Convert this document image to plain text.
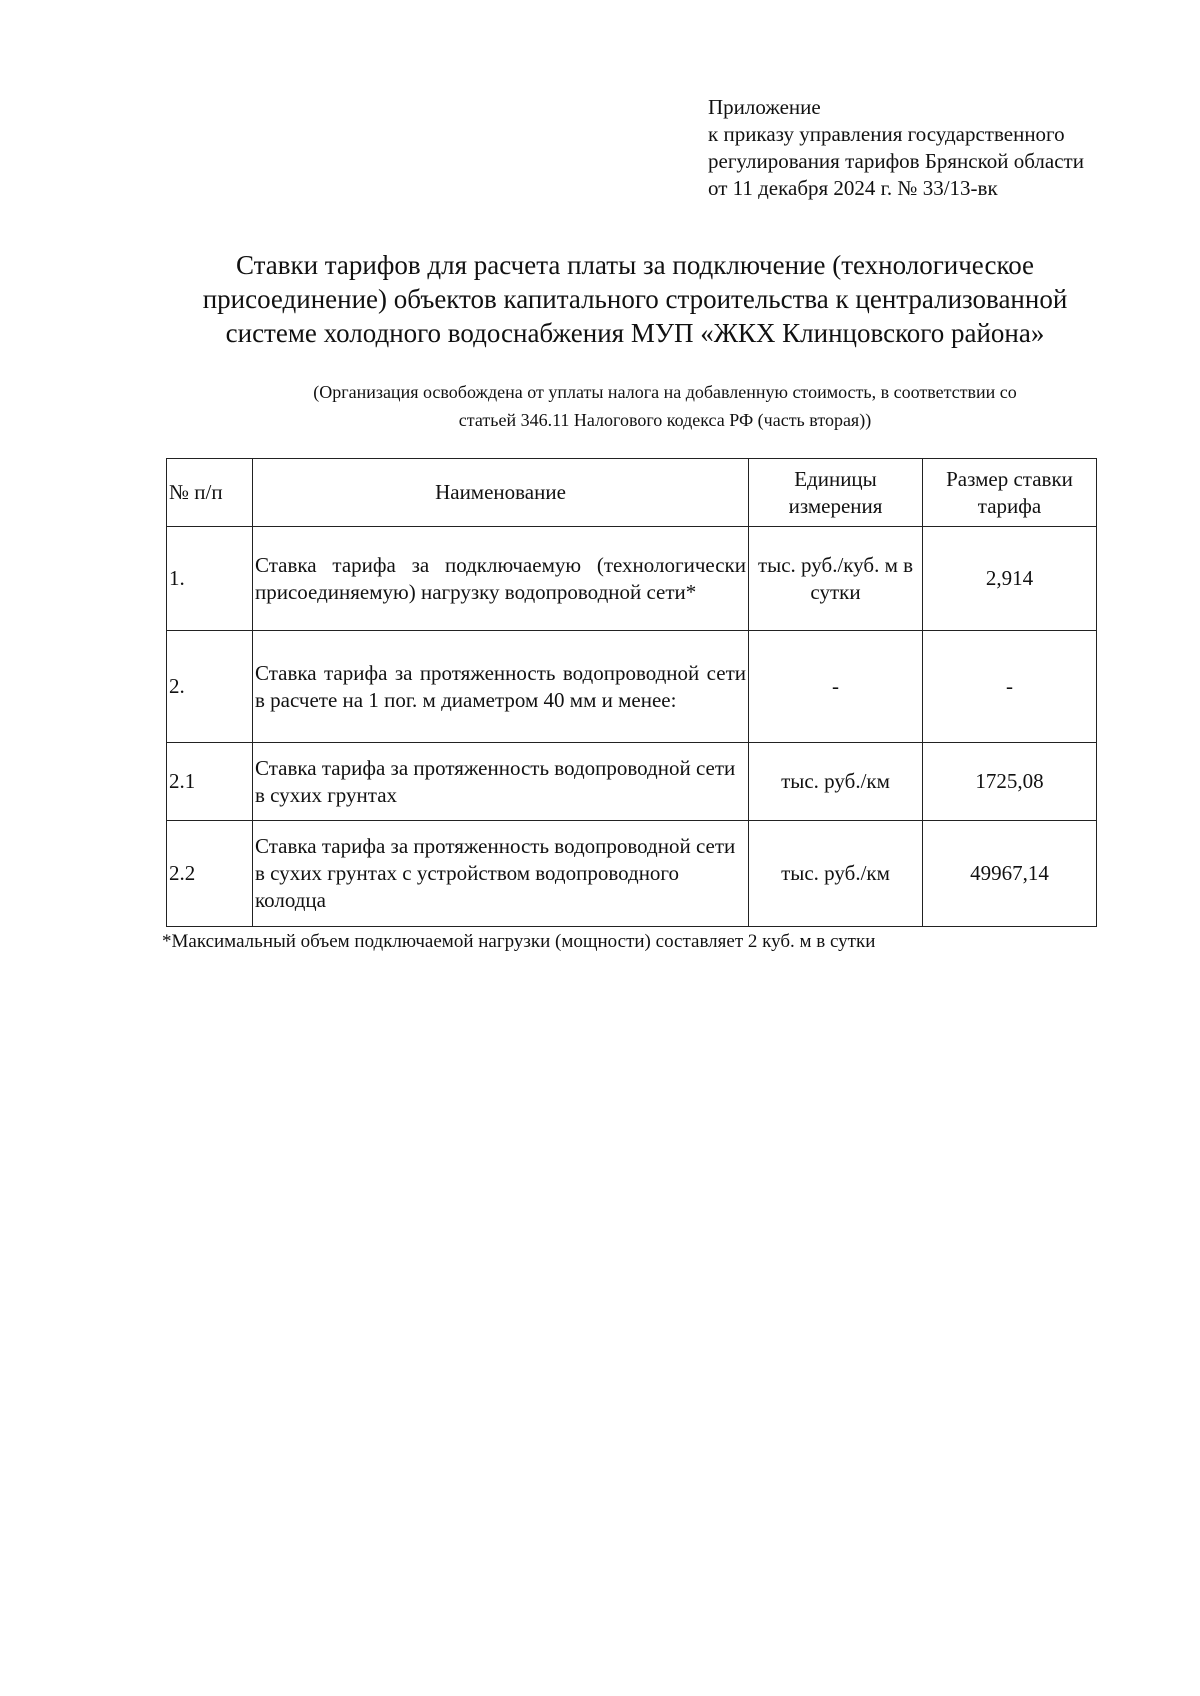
Приложение
к приказу управления государственного
регулирования тарифов Брянской области
от 11 декабря 2024 г. № 33/13-вк
Ставки тарифов для расчета платы за подключение (технологическое
присоединение) объектов капитального строительства к централизованной
системе холодного водоснабжения МУП «ЖКХ Клинцовского района»
(Организация освобождена от уплаты налога на добавленную стоимость, в соответствии со
статьей 346.11 Налогового кодекса РФ (часть вторая))
№ п/п	Наименование	Единицы измерения	Размер ставки тарифа
1.	Ставка тарифа за подключаемую (технологически присоединяемую) нагрузку водопроводной сети*	тыс. руб./куб. м в сутки	2,914
2.	Ставка тарифа за протяженность водопроводной сети в расчете на 1 пог. м диаметром 40 мм и менее:	-	-
2.1	Ставка тарифа за протяженность водопроводной сети в сухих грунтах	тыс. руб./км	1725,08
2.2	Ставка тарифа за протяженность водопроводной сети в сухих грунтах с устройством водопроводного колодца	тыс. руб./км	49967,14
*Максимальный объем подключаемой нагрузки (мощности) составляет 2 куб. м в сутки
